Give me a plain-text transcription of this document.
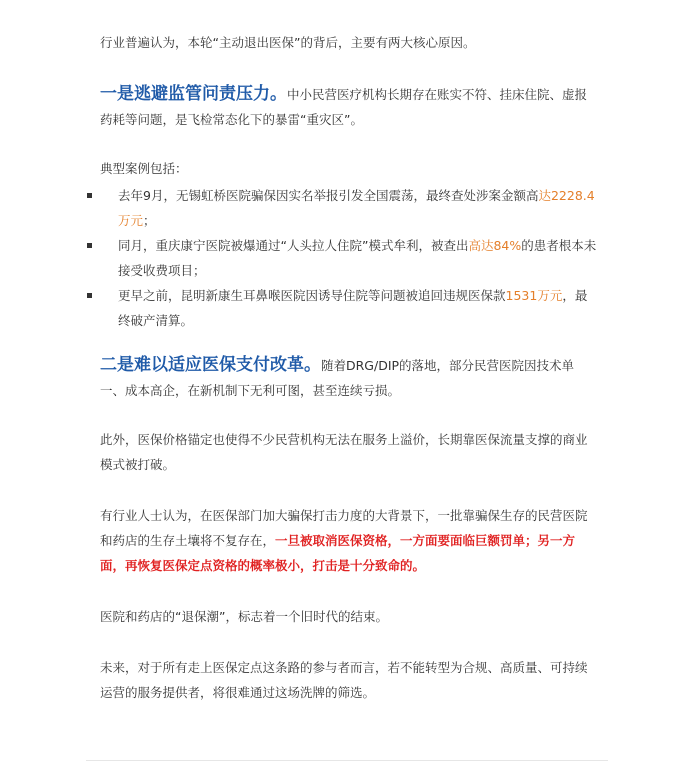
行业普遍认为，本轮“主动退出医保”的背后，主要有两大核心原因。

一是逃避监管问责压力。中小民营医疗机构长期存在账实不符、挂床住院、虚报药耗等问题，是飞检常态化下的暴雷“重灾区”。

典型案例包括：

去年9月，无锡虹桥医院骗保因实名举报引发全国震荡，最终查处涉案金额高达2228.4万元；
同月，重庆康宁医院被爆通过“人头拉人住院”模式牟利，被查出高达84%的患者根本未接受收费项目；
更早之前，昆明新康生耳鼻喉医院因诱导住院等问题被追回违规医保款1531万元，最终破产清算。

二是难以适应医保支付改革。随着DRG/DIP的落地，部分民营医院因技术单一、成本高企，在新机制下无利可图，甚至连续亏损。

此外，医保价格锚定也使得不少民营机构无法在服务上溢价，长期靠医保流量支撑的商业模式被打破。

有行业人士认为，在医保部门加大骗保打击力度的大背景下，一批靠骗保生存的民营医院和药店的生存土壤将不复存在，一旦被取消医保资格，一方面要面临巨额罚单；另一方面，再恢复医保定点资格的概率极小，打击是十分致命的。

医院和药店的“退保潮”，标志着一个旧时代的结束。

未来，对于所有走上医保定点这条路的参与者而言，若不能转型为合规、高质量、可持续运营的服务提供者，将很难通过这场洗牌的筛选。
